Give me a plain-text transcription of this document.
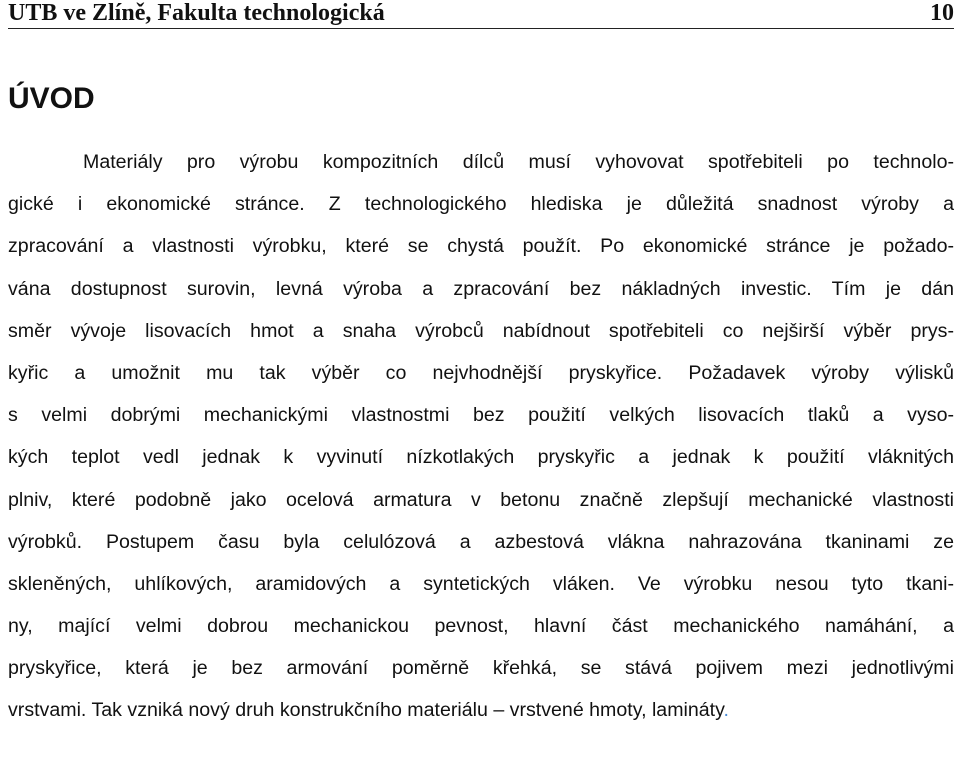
UTB ve Zlíně, Fakulta technologická	10
ÚVOD
Materiály pro výrobu kompozitních dílců musí vyhovovat spotřebiteli po technolo-
gické i ekonomické stránce. Z technologického hlediska je důležitá snadnost výroby a
zpracování a vlastnosti výrobku, které se chystá použít. Po ekonomické stránce je požado-
vána dostupnost surovin, levná výroba a zpracování bez nákladných investic. Tím je dán
směr vývoje lisovacích hmot a snaha výrobců nabídnout spotřebiteli co nejširší výběr prys-
kyřic a umožnit mu tak výběr co nejvhodnější pryskyřice. Požadavek výroby výlisků
s velmi dobrými mechanickými vlastnostmi bez použití velkých lisovacích tlaků a vyso-
kých teplot vedl jednak k vyvinutí nízkotlakých pryskyřic a jednak k použití vláknitých
plniv, které podobně jako ocelová armatura v betonu značně zlepšují mechanické vlastnosti
výrobků. Postupem času byla celulózová a azbestová vlákna nahrazována tkaninami ze
skleněných, uhlíkových, aramidových a syntetických vláken. Ve výrobku nesou tyto tkani-
ny, mající velmi dobrou mechanickou pevnost, hlavní část mechanického namáhání, a
pryskyřice, která je bez armování poměrně křehká, se stává pojivem mezi jednotlivými
vrstvami. Tak vzniká nový druh konstrukčního materiálu – vrstvené hmoty, lamináty.
